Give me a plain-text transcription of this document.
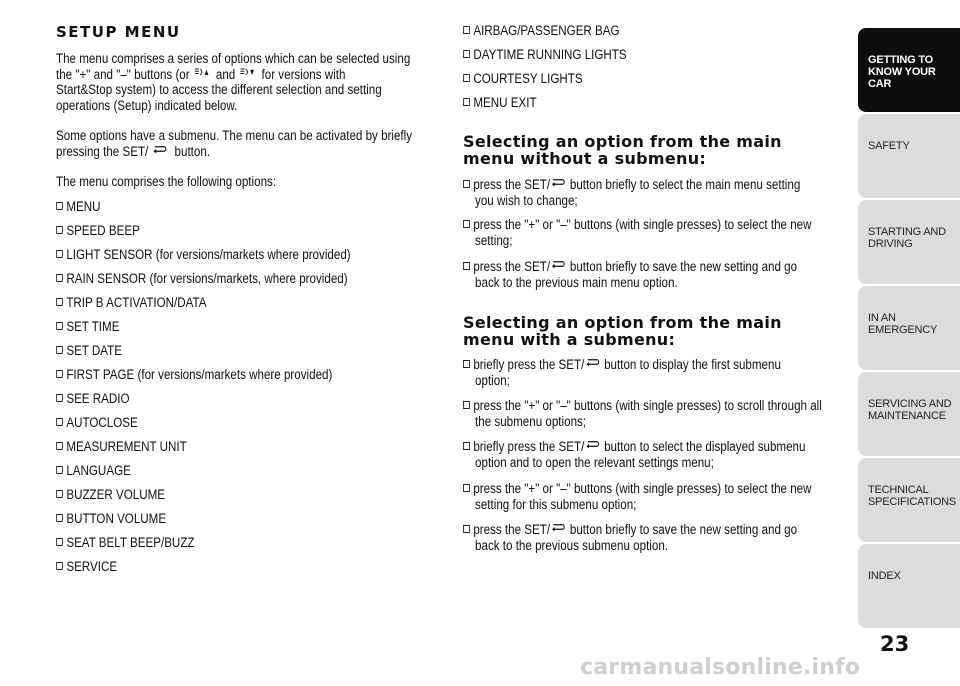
SETUP MENU
The menu comprises a series of options which can be selected using
the "+" and "–" buttons (or and for versions with
Start&Stop system) to access the different selection and setting
operations (Setup) indicated below.
Some options have a submenu. The menu can be activated by briefly
pressing the SET/ button.
The menu comprises the following options:
MENU
SPEED BEEP
LIGHT SENSOR (for versions/markets where provided)
RAIN SENSOR (for versions/markets, where provided)
TRIP B ACTIVATION/DATA
SET TIME
SET DATE
FIRST PAGE (for versions/markets where provided)
SEE RADIO
AUTOCLOSE
MEASUREMENT UNIT
LANGUAGE
BUZZER VOLUME
BUTTON VOLUME
SEAT BELT BEEP/BUZZ
SERVICE
AIRBAG/PASSENGER BAG
DAYTIME RUNNING LIGHTS
COURTESY LIGHTS
MENU EXIT
Selecting an option from the main
menu without a submenu:
press the SET/ button briefly to select the main menu setting
you wish to change;
press the "+" or "–" buttons (with single presses) to select the new
setting;
press the SET/ button briefly to save the new setting and go
back to the previous main menu option.
Selecting an option from the main
menu with a submenu:
briefly press the SET/ button to display the first submenu
option;
press the "+" or "–" buttons (with single presses) to scroll through all
the submenu options;
briefly press the SET/ button to select the displayed submenu
option and to open the relevant settings menu;
press the "+" or "–" buttons (with single presses) to select the new
setting for this submenu option;
press the SET/ button briefly to save the new setting and go
back to the previous submenu option.
GETTING TO
KNOW YOUR CAR
SAFETY
STARTING AND
DRIVING
IN AN EMERGENCY
SERVICING AND
MAINTENANCE
TECHNICAL
SPECIFICATIONS
INDEX
23
carmanualsonline.info
